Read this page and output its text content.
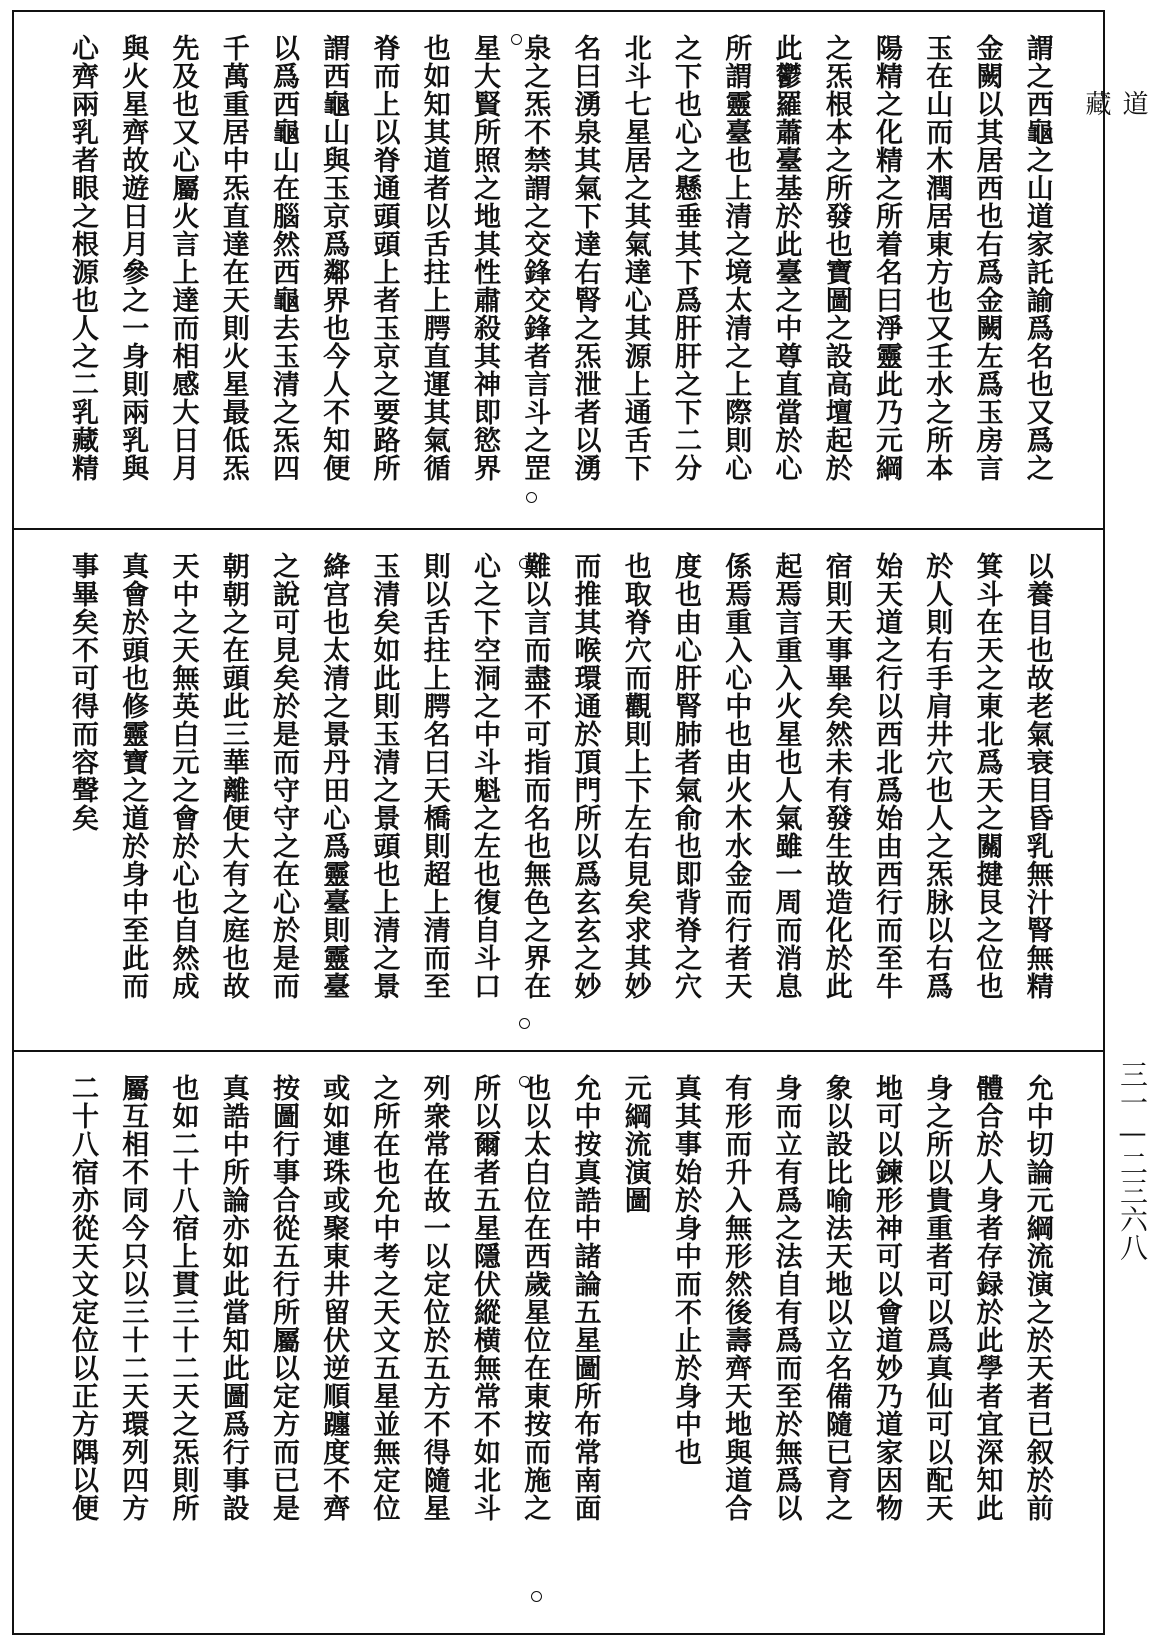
謂之西龜之山道家託諭爲名也又爲之
金闕以其居西也右爲金闕左爲玉房言
玉在山而木潤居東方也又壬水之所本
陽精之化精之所着名曰淨靈此乃元綱
之炁根本之所發也寶圖之設高壇起於
此鬱羅蕭臺基於此臺之中尊直當於心
所謂靈臺也上清之境太清之上際則心
之下也心之懸垂其下爲肝肝之下二分
北斗七星居之其氣達心其源上通舌下
名曰湧泉其氣下達右腎之炁泄者以湧
泉之炁不禁謂之交鋒交鋒者言斗之罡
星大賢所照之地其性肅殺其神即慾界
也如知其道者以舌拄上腭直運其氣循
脊而上以脊通頭頭上者玉京之要路所
謂西龜山與玉京爲鄰界也今人不知便
以爲西龜山在腦然西龜去玉清之炁四
千萬重居中炁直達在天則火星最低炁
先及也又心屬火言上達而相感大日月
與火星齊故遊日月參之一身則兩乳與
心齊兩乳者眼之根源也人之二乳藏精
以養目也故老氣衰目昏乳無汁腎無精
箕斗在天之東北爲天之關揵艮之位也
於人則右手肩井穴也人之炁脉以右爲
始天道之行以西北爲始由西行而至牛
宿則天事畢矣然未有發生故造化於此
起焉言重入火星也人氣雖一周而消息
係焉重入心中也由火木水金而行者天
度也由心肝腎肺者氣俞也即背脊之穴
也取脊穴而觀則上下左右見矣求其妙
而推其喉環通於頂門所以爲玄玄之妙
難以言而盡不可指而名也無色之界在
心之下空洞之中斗魁之左也復自斗口
則以舌拄上腭名曰天橋則超上清而至
玉清矣如此則玉清之景頭也上清之景
絳宫也太清之景丹田心爲靈臺則靈臺
之說可見矣於是而守守之在心於是而
朝朝之在頭此三華離便大有之庭也故
天中之天無英白元之會於心也自然成
真會於頭也修靈寶之道於身中至此而
事畢矣不可得而容聲矣
允中切論元綱流演之於天者已叙於前
體合於人身者存録於此學者宜深知此
身之所以貴重者可以爲真仙可以配天
地可以鍊形神可以會道妙乃道家因物
象以設比喻法天地以立名備隨已育之
身而立有爲之法自有爲而至於無爲以
有形而升入無形然後壽齊天地與道合
真其事始於身中而不止於身中也
元綱流演圖
允中按真誥中諸論五星圖所布常南面
也以太白位在西歲星位在東按而施之
所以爾者五星隱伏縱横無常不如北斗
列衆常在故一以定位於五方不得隨星
之所在也允中考之天文五星並無定位
或如連珠或聚東井留伏逆順躔度不齊
按圖行事合從五行所屬以定方而已是
真誥中所論亦如此當知此圖爲行事設
也如二十八宿上貫三十二天之炁則所
屬互相不同今只以三十二天環列四方
二十八宿亦從天文定位以正方隅以便
道
藏
三一—二三六八
